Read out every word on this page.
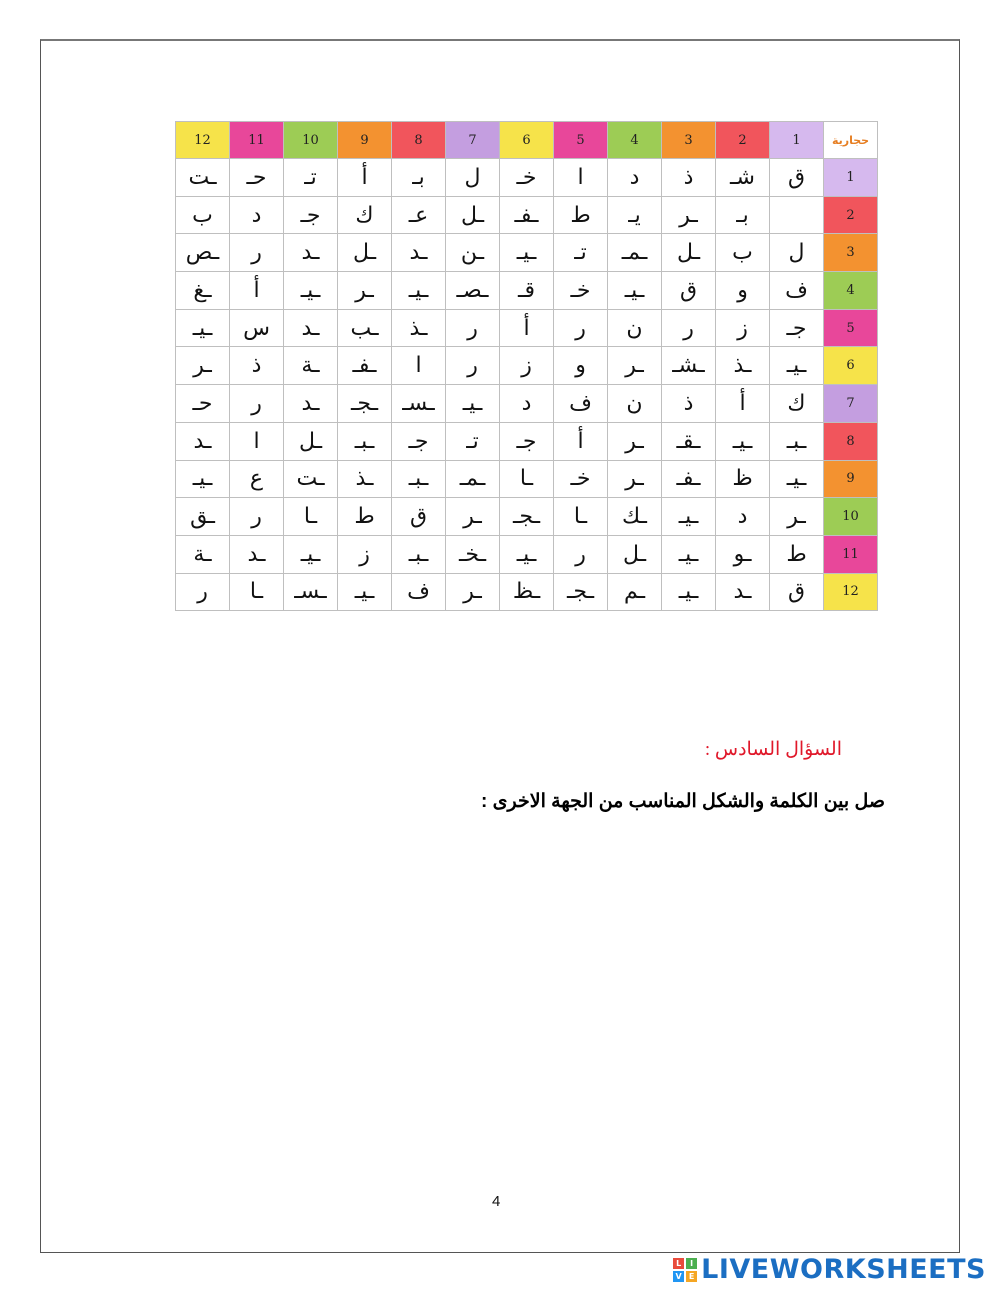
12	11	10	9	8	7	6	5	4	3	2	1	ﺣﺠﺎﺭﻳﺔ
ـت	حـ	تـ	أ	بـ	ل	خـ	ا	د	ذ	شـ	ق	1
ب	د	جـ	ك	عـ	ـل	ـفـ	ط	يـ	ـر	بـ		2
ـص	ر	ـد	ـل	ـد	ـن	ـيـ	تـ	ـمـ	ـل	ب	ل	3
ـغ	أ	ـيـ	ـر	ـيـ	ـصـ	قـ	خـ	ـيـ	ق	و	ف	4
ـيـ	س	ـد	ـب	ـذ	ر	أ	ر	ن	ر	ز	جـ	5
ـر	ذ	ـة	ـفـ	ا	ر	ز	و	ـر	ـشـ	ـذ	ـيـ	6
حـ	ر	ـد	ـجـ	ـسـ	ـيـ	د	ف	ن	ذ	أ	ك	7
ـد	ا	ـل	ـبـ	جـ	تـ	جـ	أ	ـر	ـقـ	ـيـ	ـبـ	8
ـيـ	ع	ـت	ـذ	ـبـ	ـمـ	ـا	خـ	ـر	ـفـ	ظ	ـيـ	9
ـق	ر	ـا	ط	ق	ـر	ـجـ	ـا	ـك	ـيـ	د	ـر	10
ـة	ـد	ـيـ	ز	ـبـ	ـخـ	ـيـ	ر	ـل	ـيـ	ـو	ط	11
ر	ـا	ـسـ	ـيـ	ف	ـر	ـظ	ـجـ	ـم	ـيـ	ـد	ق	12
السؤال السادس :
صل بين الكلمة والشكل المناسب من الجهة الاخرى :
4
L	I
V E LIVEWORKSHEETS
